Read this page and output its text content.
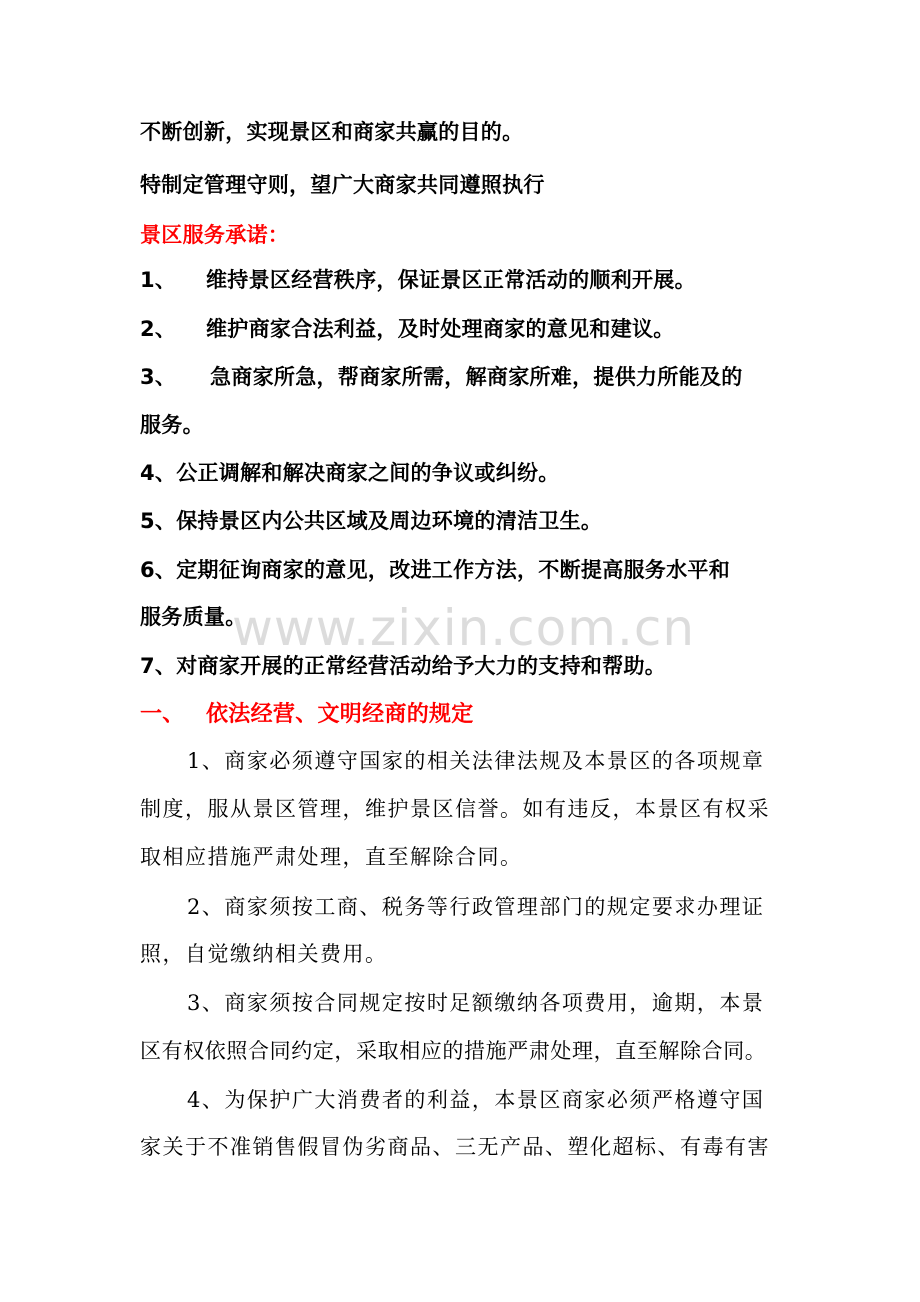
不断创新，实现景区和商家共赢的目的。
特制定管理守则，望广大商家共同遵照执行
景区服务承诺：
1、 维持景区经营秩序，保证景区正常活动的顺利开展。
2、 维护商家合法利益，及时处理商家的意见和建议。
3、 急商家所急，帮商家所需，解商家所难，提供力所能及的
服务。
4、公正调解和解决商家之间的争议或纠纷。
5、保持景区内公共区域及周边环境的清洁卫生。
6、定期征询商家的意见，改进工作方法，不断提高服务水平和
服务质量。
7、对商家开展的正常经营活动给予大力的支持和帮助。
一、 依法经营、文明经商的规定
1、商家必须遵守国家的相关法律法规及本景区的各项规章
制度，服从景区管理，维护景区信誉。如有违反，本景区有权采
取相应措施严肃处理，直至解除合同。
2、商家须按工商、税务等行政管理部门的规定要求办理证
照，自觉缴纳相关费用。
3、商家须按合同规定按时足额缴纳各项费用，逾期，本景
区有权依照合同约定，采取相应的措施严肃处理，直至解除合同。
4、为保护广大消费者的利益，本景区商家必须严格遵守国
家关于不准销售假冒伪劣商品、三无产品、塑化超标、有毒有害
www.zixin.com.cn
